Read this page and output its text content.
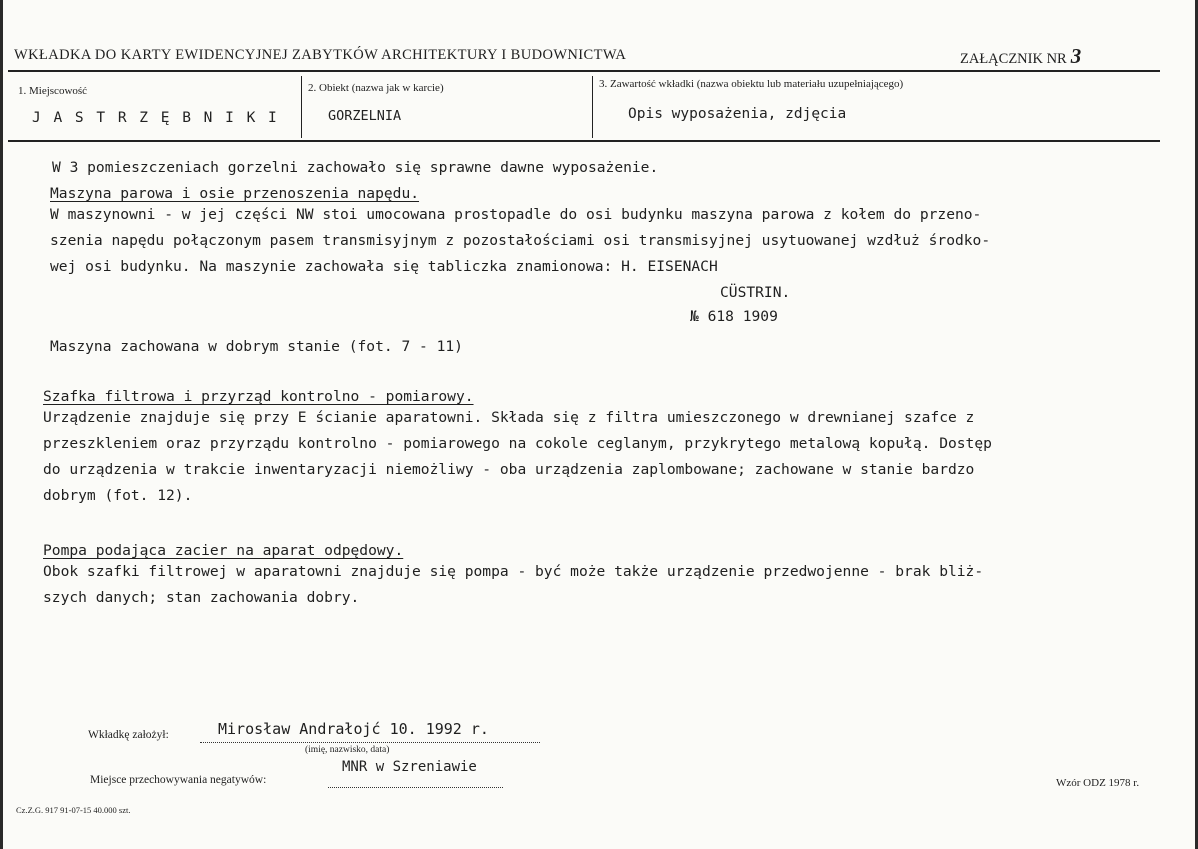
WKŁADKA DO KARTY EWIDENCYJNEJ ZABYTKÓW ARCHITEKTURY I BUDOWNICTWA	ZAŁĄCZNIK NR 3
1. Miejscowość
J A S T R Z Ę B N I K I
2. Obiekt (nazwa jak w karcie)
GORZELNIA
3. Zawartość wkładki (nazwa obiektu lub materiału uzupełniającego)
Opis wyposażenia, zdjęcia
W 3 pomieszczeniach gorzelni zachowało się sprawne dawne wyposażenie.
Maszyna parowa i osie przenoszenia napędu.
W maszynowni - w jej części NW stoi umocowana prostopadle do osi budynku maszyna parowa z kołem do przeno-
szenia napędu połączonym pasem transmisyjnym z pozostałościami osi transmisyjnej usytuowanej wzdłuż środko-
wej osi budynku. Na maszynie zachowała się tabliczka znamionowa: H. EISENACH
CÜSTRIN.
№ 618 1909
Maszyna zachowana w dobrym stanie (fot. 7 - 11)
Szafka filtrowa i przyrząd kontrolno - pomiarowy.
Urządzenie znajduje się przy E ścianie aparatowni. Składa się z filtra umieszczonego w drewnianej szafce z
przeszkleniem oraz przyrządu kontrolno - pomiarowego na cokole ceglanym, przykrytego metalową kopułą. Dostęp
do urządzenia w trakcie inwentaryzacji niemożliwy - oba urządzenia zaplombowane; zachowane w stanie bardzo
dobrym (fot. 12).
Pompa podająca zacier na aparat odpędowy.
Obok szafki filtrowej w aparatowni znajduje się pompa - być może także urządzenie przedwojenne - brak bliż-
szych danych; stan zachowania dobry.
Wkładkę założył:	Mirosław Andrałojć 10. 1992 r.
(imię, nazwisko, data)
Miejsce przechowywania negatywów:
MNR w Szreniawie
Wzór ODZ 1978 r.
Cz.Z.G. 917 91-07-15 40.000 szt.
